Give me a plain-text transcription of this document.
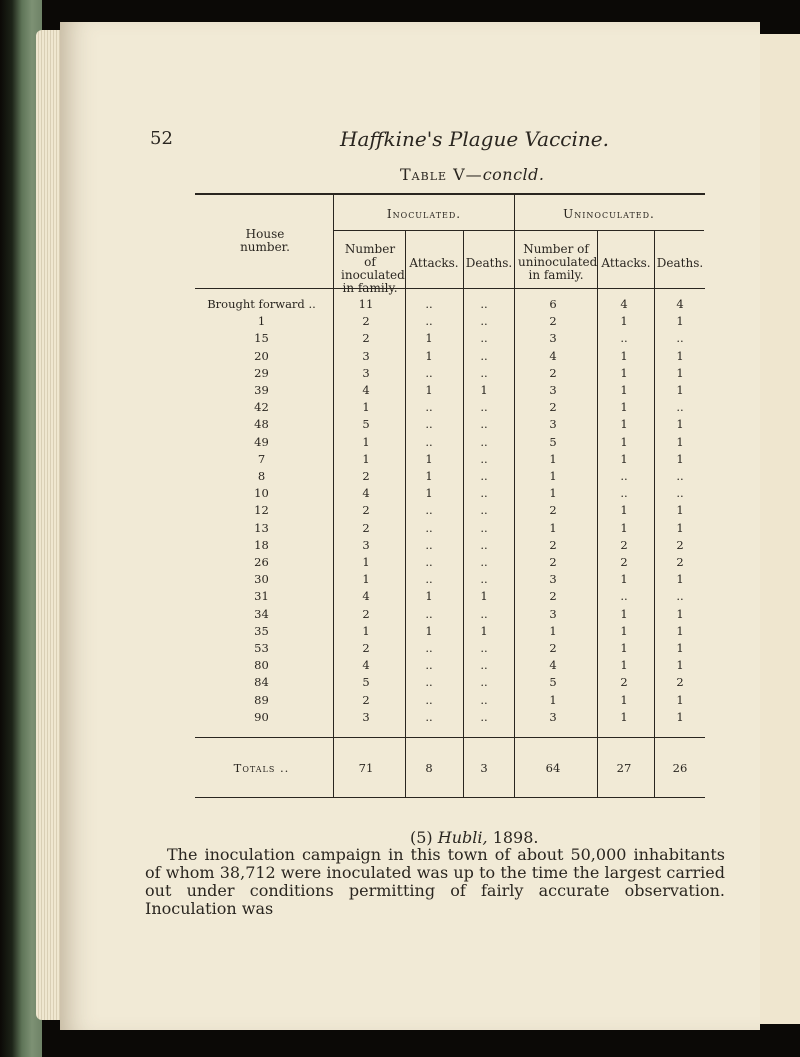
52	Haffkine's Plague Vaccine.
Table V—concld.
House number.
Inoculated.	Uninoculated.
Number of inoculated in family.
Attacks. Deaths.
Number of uninoculated in family.
Attacks. Deaths.
Brought forward ..	11	..	..	6	4	4
1	2	..	..	2	1	1
15	2	1	..	3	..	..
20	3	1	..	4	1	1
29	3	..	..	2	1	1
39	4	1	1	3	1	1
42	1	..	..	2	1	..
48	5	..	..	3	1	1
49	1	..	..	5	1	1
7	1	1	..	1	1	1
8	2	1	..	1	..	..
10	4	1	..	1	..	..
12	2	..	..	2	1	1
13	2	..	..	1	1	1
18	3	..	..	2	2	2
26	1	..	..	2	2	2
30	1	..	..	3	1	1
31	4	1	1	2	..	..
34	2	..	..	3	1	1
35	1	1	1	1	1	1
53	2	..	..	2	1	1
80	4	..	..	4	1	1
84	5	..	..	5	2	2
89	2	..	..	1	1	1
90	3	..	..	3	1	1
Totals ..	71	8	3	64	27	26
(5) Hubli, 1898.

The inoculation campaign in this town of about 50,000 inhabitants of whom 38,712 were inoculated was up to the time the largest carried out under conditions permitting of fairly accurate observation. Inoculation was
